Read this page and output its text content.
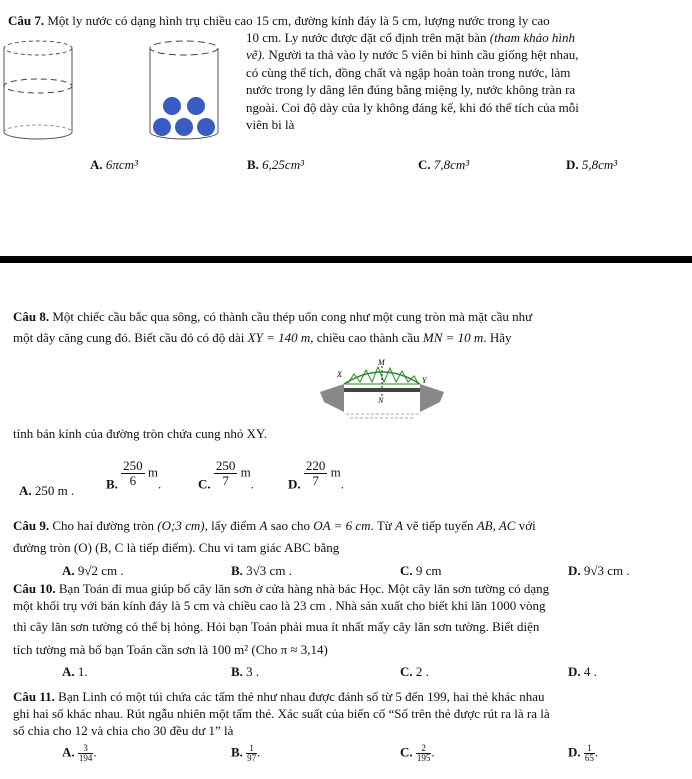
Câu 7. Một ly nước có dạng hình trụ chiều cao 15 cm, đường kính đáy là 5 cm, lượng nước trong ly cao
10 cm. Ly nước được đặt cố định trên mặt bàn (tham khảo hình
vẽ). Người ta thả vào ly nước 5 viên bi hình cầu giống hệt nhau,
có cùng thể tích, đồng chất và ngập hoàn toàn trong nước, làm
nước trong ly dâng lên đúng bằng miệng ly, nước không tràn ra
ngoài. Coi độ dày của ly không đáng kể, khi đó thể tích của mỗi
viên bi là
A. 6πcm³	B. 6,25cm³	C. 7,8cm³	D. 5,8cm³
Câu 8. Một chiếc cầu bắc qua sông, có thành cầu thép uốn cong như một cung tròn mà mặt cầu như
một dây căng cung đó. Biết cầu đó có độ dài XY = 140 m, chiều cao thành cầu MN = 10 m. Hãy
M
X
Y
N
tính bán kính của đường tròn chứa cung nhỏ XY.
A. 250 m . B. $\frac{250}{6} m$.	C. $\frac{250}{7} m$.	D. $\frac{220}{7} m$.
Câu 9. Cho hai đường tròn (O;3 cm), lấy điểm A sao cho OA = 6 cm. Từ A vẽ tiếp tuyến AB, AC với
đường tròn (O) (B, C là tiếp điểm). Chu vi tam giác ABC bằng
A. 9√2 cm .	B. 3√3 cm .	C. 9 cm	D. 9√3 cm .
Câu 10. Bạn Toán đi mua giúp bố cây lăn sơn ở cửa hàng nhà bác Học. Một cây lăn sơn tường có dạng
một khối trụ với bán kính đáy là 5 cm và chiều cao là 23 cm . Nhà sản xuất cho biết khi lăn 1000 vòng
thì cây lăn sơn tường có thể bị hỏng. Hỏi bạn Toán phải mua ít nhất mấy cây lăn sơn tường. Biết diện
tích tường mà bố bạn Toán cần sơn là 100 m² (Cho π ≈ 3,14)
A. 1.	B. 3 .	C. 2 .	D. 4 .
Câu 11. Bạn Linh có một túi chứa các tấm thẻ như nhau được đánh số từ 5 đến 199, hai thẻ khác nhau
ghi hai số khác nhau. Rút ngẫu nhiên một tấm thẻ. Xác suất của biến cố “Số trên thẻ được rút ra là ra là
số chia cho 12 và chia cho 30 đều dư 1” là
A. $\frac{3}{194}$ .	B. $\frac{1}{97}$ .	C. $\frac{2}{195}$ .	D. $\frac{1}{65}$ .
